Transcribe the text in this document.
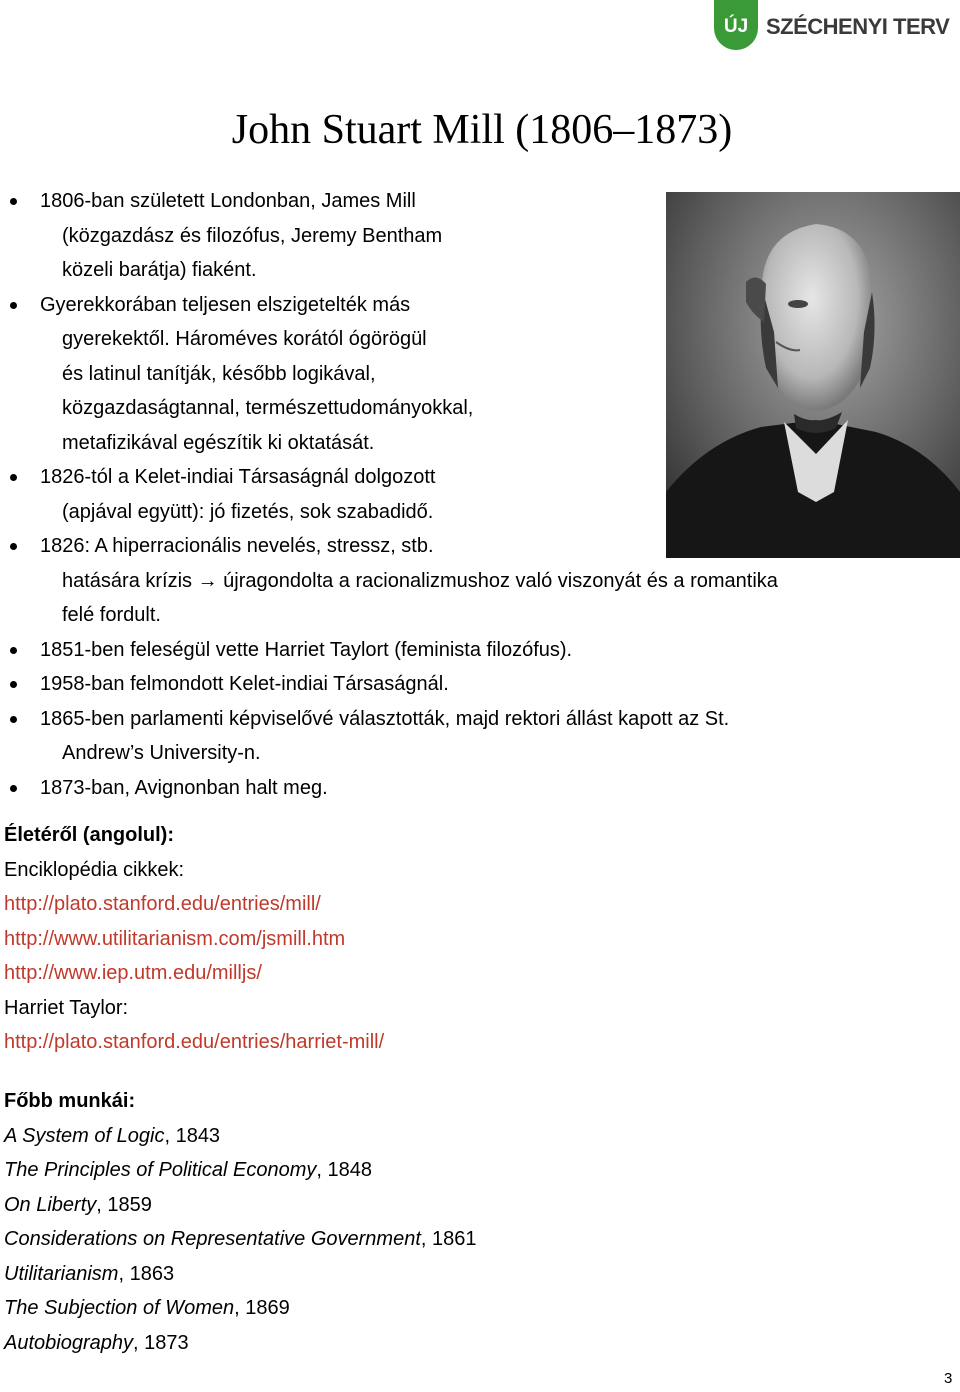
ÚJ SZÉCHENYI TERV
John Stuart Mill (1806–1873)
1806-ban született Londonban, James Mill
(közgazdász és filozófus, Jeremy Bentham
közeli barátja) fiaként.
Gyerekkorában teljesen elszigetelték más
gyerekektől. Hároméves korától ógörögül
és latinul tanítják, később logikával,
közgazdaságtannal, természettudományokkal,
metafizikával egészítik ki oktatását.
1826-tól a Kelet-indiai Társaságnál dolgozott
(apjával együtt): jó fizetés, sok szabadidő.
1826: A hiperracionális nevelés, stressz, stb.
hatására krízis → újragondolta a racionalizmushoz való viszonyát és a romantika
felé fordult.
1851-ben feleségül vette Harriet Taylort (feminista filozófus).
1958-ban felmondott Kelet-indiai Társaságnál.
1865-ben parlamenti képviselővé választották, majd rektori állást kapott az St.
Andrew’s University-n.
1873-ban, Avignonban halt meg.
Életéről (angolul):
Enciklopédia cikkek:
http://plato.stanford.edu/entries/mill/
http://www.utilitarianism.com/jsmill.htm
http://www.iep.utm.edu/milljs/
Harriet Taylor:
http://plato.stanford.edu/entries/harriet-mill/
Főbb munkái:
A System of Logic, 1843
The Principles of Political Economy, 1848
On Liberty, 1859
Considerations on Representative Government, 1861
Utilitarianism, 1863
The Subjection of Women, 1869
Autobiography, 1873
3
